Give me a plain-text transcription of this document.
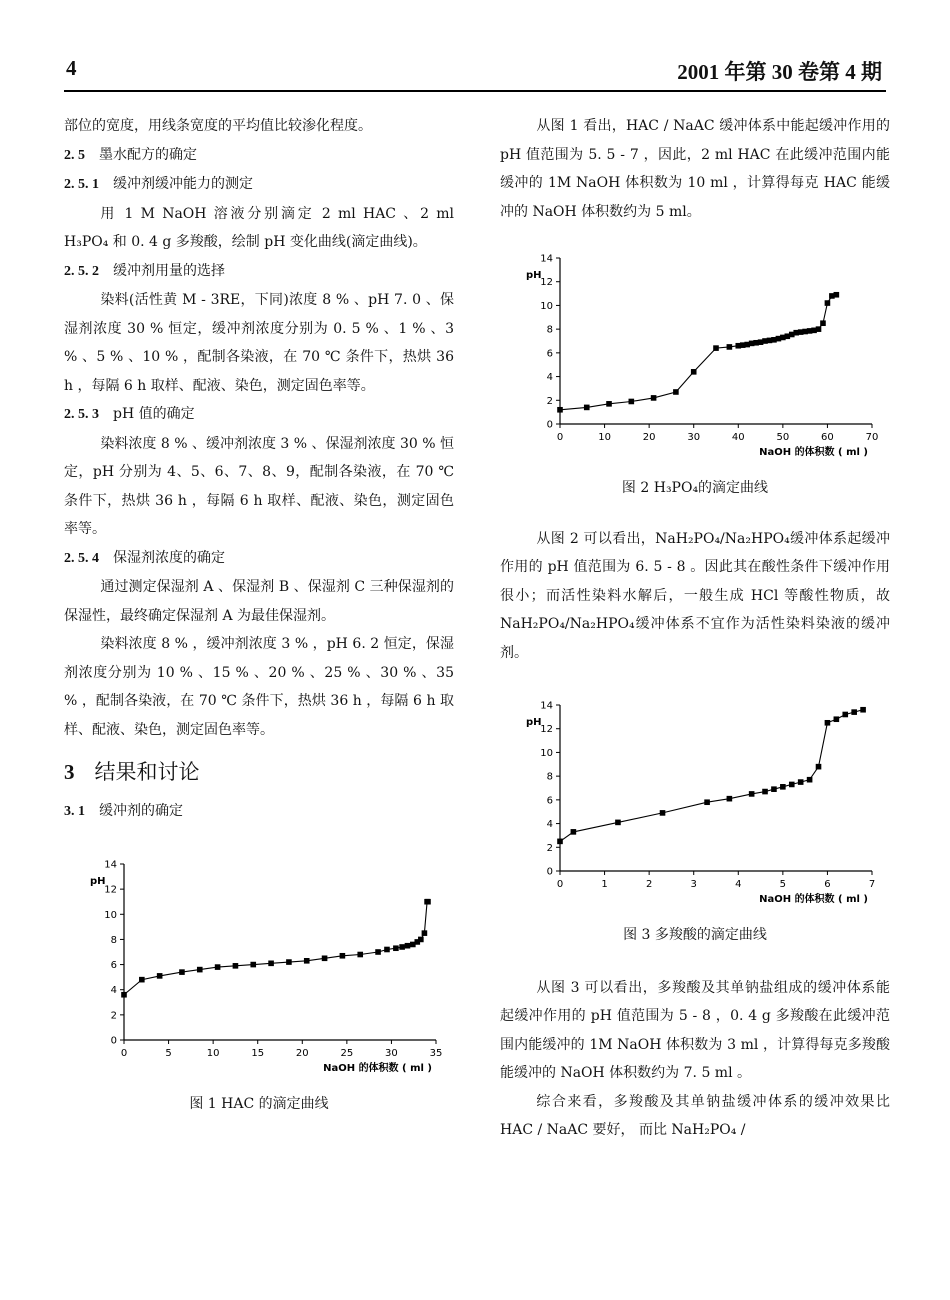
4	2001 年第 30 卷第 4 期

部位的宽度，用线条宽度的平均值比较渗化程度。

2. 5 墨水配方的确定
2. 5. 1 缓冲剂缓冲能力的测定

用 1 M NaOH 溶液分别滴定 2 ml HAC 、2 ml H₃PO₄ 和 0. 4 g 多羧酸，绘制 pH 变化曲线(滴定曲线)。

2. 5. 2 缓冲剂用量的选择

染料(活性黄 M - 3RE，下同)浓度 8 % 、pH 7. 0 、保湿剂浓度 30 % 恒定，缓冲剂浓度分别为 0. 5 % 、1 % 、3 % 、5 % 、10 % ，配制各染液，在 70 ℃ 条件下，热烘 36 h ，每隔 6 h 取样、配液、染色，测定固色率等。

2. 5. 3 pH 值的确定

染料浓度 8 % 、缓冲剂浓度 3 % 、保湿剂浓度 30 % 恒定，pH 分别为 4、5、6、7、8、9，配制各染液，在 70 ℃ 条件下，热烘 36 h ，每隔 6 h 取样、配液、染色，测定固色率等。

2. 5. 4 保湿剂浓度的确定

通过测定保湿剂 A 、保湿剂 B 、保湿剂 C 三种保湿剂的保湿性，最终确定保湿剂 A 为最佳保湿剂。

染料浓度 8 % ，缓冲剂浓度 3 % ，pH 6. 2 恒定，保湿剂浓度分别为 10 % 、15 % 、20 % 、25 % 、30 % 、35 % ，配制各染液，在 70 ℃ 条件下，热烘 36 h ，每隔 6 h 取样、配液、染色，测定固色率等。

3 结果和讨论
3. 1 缓冲剂的确定
0
2
4
6
8
10
12
14
0	5	10	15	20	25	30	35
pH
NaOH 的体积数 ( ml )
图 1 HAC 的滴定曲线

从图 1 看出，HAC / NaAC 缓冲体系中能起缓冲作用的 pH 值范围为 5. 5 - 7 ，因此，2 ml HAC 在此缓冲范围内能缓冲的 1M NaOH 体积数为 10 ml ，计算得每克 HAC 能缓冲的 NaOH 体积数约为 5 ml。

0
2
4
6
8
10
12
14
0	10	20	30	40	50	60	70
pH
NaOH 的体积数 ( ml )
图 2 H₃PO₄的滴定曲线

从图 2 可以看出，NaH₂PO₄/Na₂HPO₄缓冲体系起缓冲作用的 pH 值范围为 6. 5 - 8 。因此其在酸性条件下缓冲作用很小；而活性染料水解后，一般生成 HCl 等酸性物质，故 NaH₂PO₄/Na₂HPO₄缓冲体系不宜作为活性染料染液的缓冲剂。

0
2
4
6
8
10
12
14
0	1	2	3	4	5	6	7
pH
NaOH 的体积数 ( ml )
图 3 多羧酸的滴定曲线

从图 3 可以看出，多羧酸及其单钠盐组成的缓冲体系能起缓冲作用的 pH 值范围为 5 - 8 ，0. 4 g 多羧酸在此缓冲范围内能缓冲的 1M NaOH 体积数为 3 ml ，计算得每克多羧酸能缓冲的 NaOH 体积数约为 7. 5 ml 。

综合来看，多羧酸及其单钠盐缓冲体系的缓冲效果比 HAC / NaAC 要好， 而比 NaH₂PO₄ /
